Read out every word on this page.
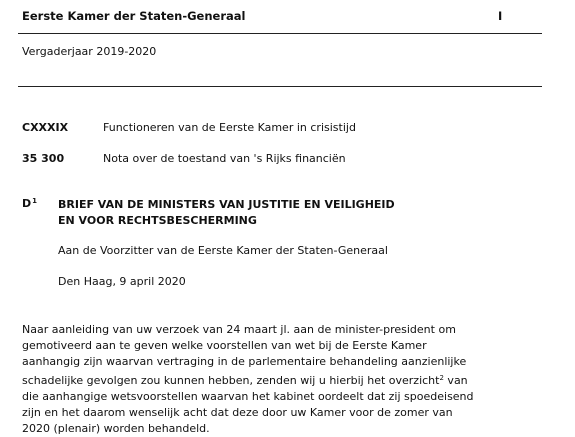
Eerste Kamer der Staten-Generaal	I
Vergaderjaar 2019-2020
CXXXIX	Functioneren van de Eerste Kamer in crisistijd
35 300	Nota over de toestand van 's Rijks financiën
$D^1$ BRIEF VAN DE MINISTERS VAN JUSTITIE EN VEILIGHEID EN VOOR RECHTSBESCHERMING
Aan de Voorzitter van de Eerste Kamer der Staten-Generaal
Den Haag, 9 april 2020
Naar aanleiding van uw verzoek van 24 maart jl. aan de minister-president om
gemotiveerd aan te geven welke voorstellen van wet bij de Eerste Kamer
aanhangig zijn waarvan vertraging in de parlementaire behandeling aanzienlijke
schadelijke gevolgen zou kunnen hebben, zenden wij u hierbij het overzicht$^2$ van
die aanhangige wetsvoorstellen waarvan het kabinet oordeelt dat zij spoedeisend
zijn en het daarom wenselijk acht dat deze door uw Kamer voor de zomer van
2020 (plenair) worden behandeld.
